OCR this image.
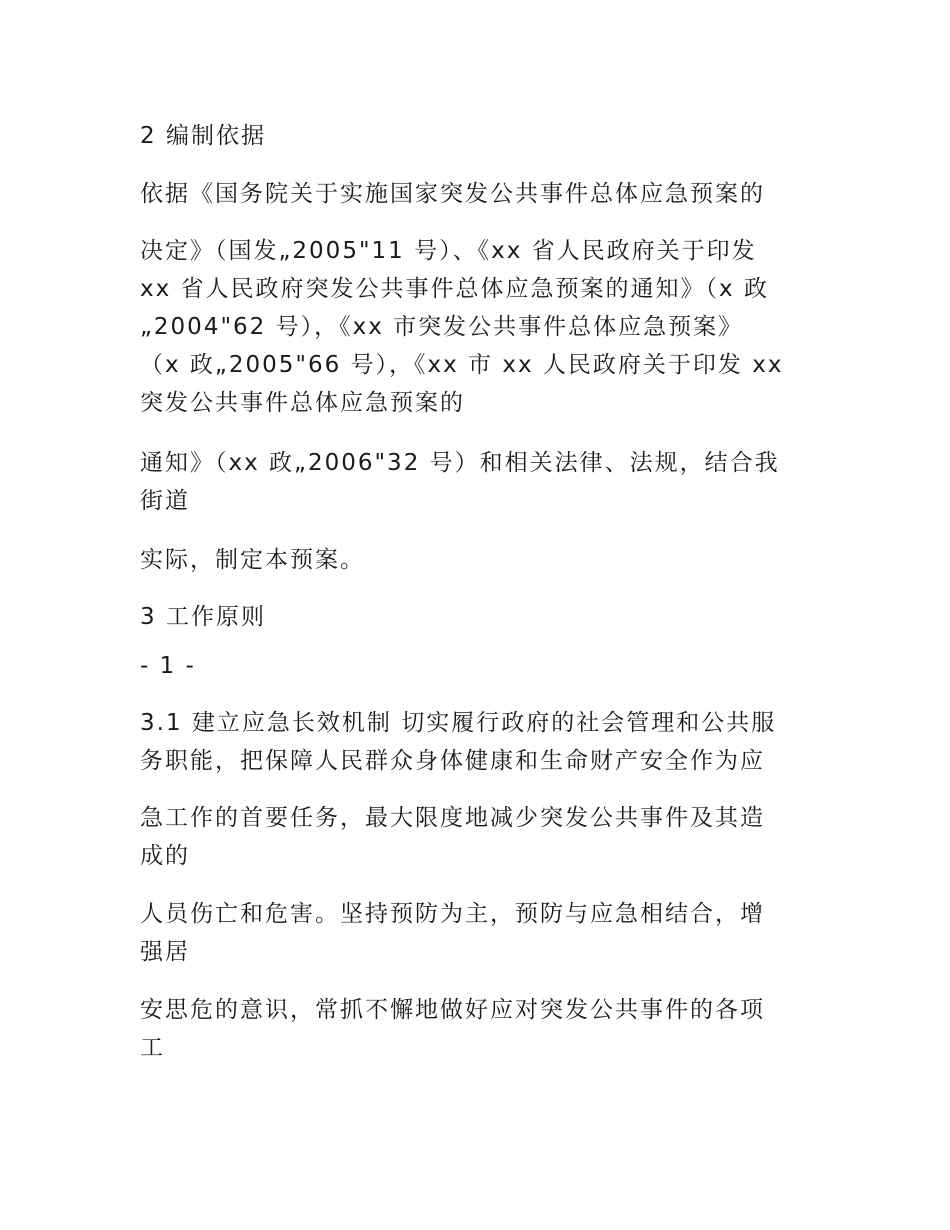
2 编制依据
依据《国务院关于实施国家突发公共事件总体应急预案的
决定》（国发„2005"11 号）、《xx 省人民政府关于印发
xx 省人民政府突发公共事件总体应急预案的通知》（x 政
„2004"62 号），《xx 市突发公共事件总体应急预案》
（x 政„2005"66 号），《xx 市 xx 人民政府关于印发 xx
突发公共事件总体应急预案的
通知》（xx 政„2006"32 号）和相关法律、法规，结合我
街道
实际，制定本预案。
3 工作原则
- 1 -
3.1 建立应急长效机制 切实履行政府的社会管理和公共服
务职能，把保障人民群众身体健康和生命财产安全作为应
急工作的首要任务，最大限度地减少突发公共事件及其造
成的
人员伤亡和危害。坚持预防为主，预防与应急相结合，增
强居
安思危的意识，常抓不懈地做好应对突发公共事件的各项
工
